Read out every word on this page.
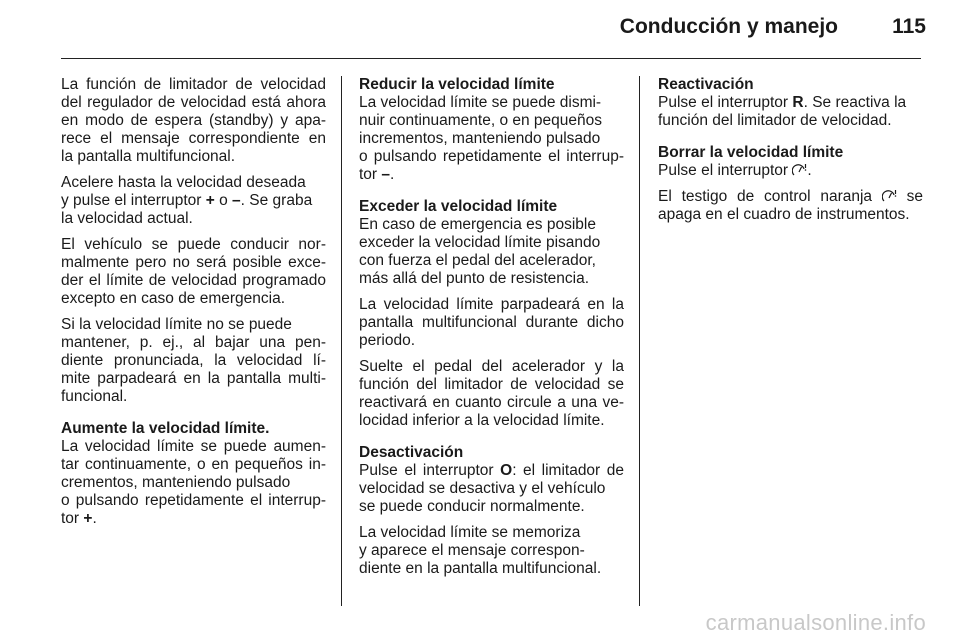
Conducción y manejo	115
La función de limitador de velocidad
del regulador de velocidad está ahora
en modo de espera (standby) y apa-
rece el mensaje correspondiente en
la pantalla multifuncional.
Acelere hasta la velocidad deseada
y pulse el interruptor + o –. Se graba
la velocidad actual.
El vehículo se puede conducir nor-
malmente pero no será posible exce-
der el límite de velocidad programado
excepto en caso de emergencia.
Si la velocidad límite no se puede
mantener, p. ej., al bajar una pen-
diente pronunciada, la velocidad lí-
mite parpadeará en la pantalla multi-
funcional.
Aumente la velocidad límite.
La velocidad límite se puede aumen-
tar continuamente, o en pequeños in-
crementos, manteniendo pulsado
o pulsando repetidamente el interrup-
tor +.
Reducir la velocidad límite
La velocidad límite se puede dismi-
nuir continuamente, o en pequeños
incrementos, manteniendo pulsado
o pulsando repetidamente el interrup-
tor –.
Exceder la velocidad límite
En caso de emergencia es posible
exceder la velocidad límite pisando
con fuerza el pedal del acelerador,
más allá del punto de resistencia.
La velocidad límite parpadeará en la
pantalla multifuncional durante dicho
periodo.
Suelte el pedal del acelerador y la
función del limitador de velocidad se
reactivará en cuanto circule a una ve-
locidad inferior a la velocidad límite.
Desactivación
Pulse el interruptor O: el limitador de
velocidad se desactiva y el vehículo
se puede conducir normalmente.
La velocidad límite se memoriza
y aparece el mensaje correspon-
diente en la pantalla multifuncional.
Reactivación
Pulse el interruptor R. Se reactiva la
función del limitador de velocidad.
Borrar la velocidad límite
Pulse el interruptor .
El testigo de control naranja  se
apaga en el cuadro de instrumentos.
carmanualsonline.info
